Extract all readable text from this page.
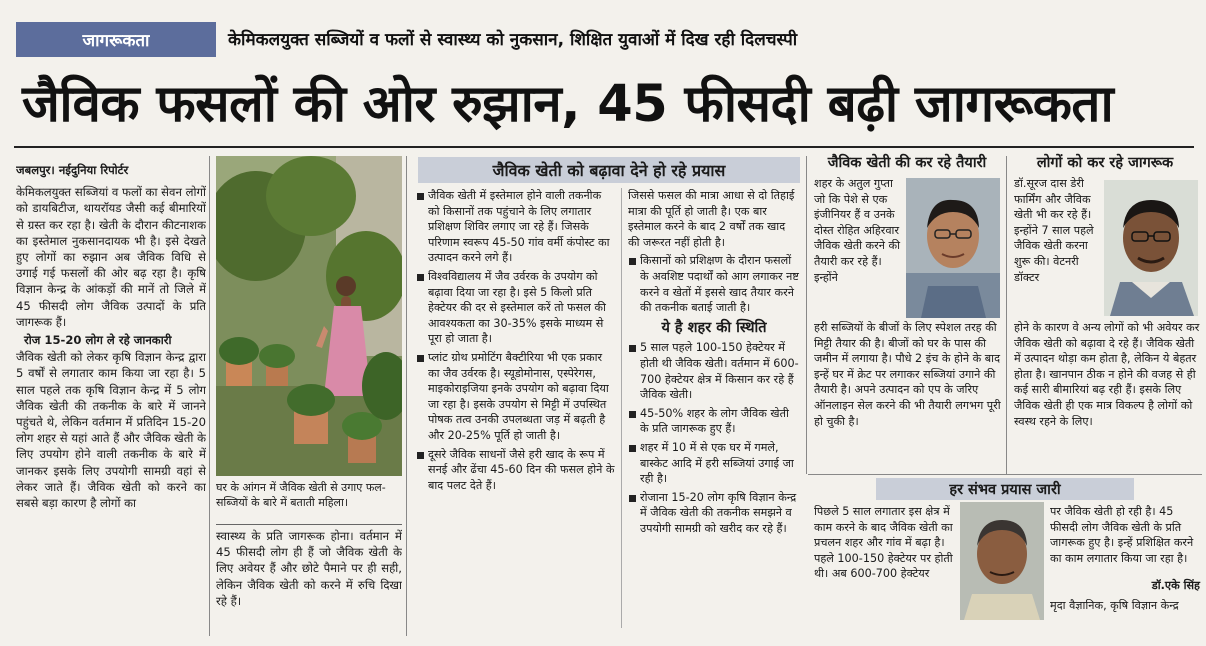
जागरूकता	केमिकलयुक्त सब्जियों व फलों से स्वास्थ्य को नुकसान, शिक्षित युवाओं में दिख रही दिलचस्पी
जैविक फसलों की ओर रुझान, 45 फीसदी बढ़ी जागरूकता

जबलपुर। नईदुनिया रिपोर्टर

केमिकलयुक्त सब्जियां व फलों का सेवन लोगों को डायबिटीज, थायरॉयड जैसी कई बीमारियों से ग्रस्त कर रहा है। खेती के दौरान कीटनाशक का इस्तेमाल नुकसानदायक भी है। इसे देखते हुए लोगों का रुझान अब जैविक विधि से उगाई गई फसलों की ओर बढ़ रहा है। कृषि विज्ञान केन्द्र के आंकड़ों की मानें तो जिले में 45 फीसदी लोग जैविक उत्पादों के प्रति जागरूक हैं।

रोज 15-20 लोग ले रहे जानकारी

जैविक खेती को लेकर कृषि विज्ञान केन्द्र द्वारा 5 वर्षों से लगातार काम किया जा रहा है। 5 साल पहले तक कृषि विज्ञान केन्द्र में 5 लोग जैविक खेती की तकनीक के बारे में जानने पहुंचते थे, लेकिन वर्तमान में प्रतिदिन 15-20 लोग शहर से यहां आते हैं और जैविक खेती के लिए उपयोग होने वाली तकनीक के बारे में जानकर इसके लिए उपयोगी सामग्री वहां से लेकर जाते हैं। जैविक खेती को करने का सबसे बड़ा कारण है लोगों का

घर के आंगन में जैविक खेती से उगाए फल-सब्जियों के बारे में बताती महिला।
स्वास्थ्य के प्रति जागरूक होना। वर्तमान में 45 फीसदी लोग ही हैं जो जैविक खेती के लिए अवेयर हैं और छोटे पैमाने पर ही सही, लेकिन जैविक खेती को करने में रुचि दिखा रहे हैं।
जैविक खेती को बढ़ावा देने हो रहे प्रयास
जैविक खेती में इस्तेमाल होने वाली तकनीक को किसानों तक पहुंचाने के लिए लगातार प्रशिक्षण शिविर लगाए जा रहे हैं। जिसके परिणाम स्वरूप 45-50 गांव वर्मी कंपोस्ट का उत्पादन करने लगे हैं।
विश्वविद्यालय में जैव उर्वरक के उपयोग को बढ़ावा दिया जा रहा है। इसे 5 किलो प्रति हेक्टेयर की दर से इस्तेमाल करें तो फसल की आवश्यकता का 30-35% इसके माध्यम से पूरा हो जाता है।
प्लांट ग्रोथ प्रमोटिंग बैक्टीरिया भी एक प्रकार का जैव उर्वरक है। स्यूडोमोनास, एस्पेरेगस, माइकोराइजिया इनके उपयोग को बढ़ावा दिया जा रहा है। इसके उपयोग से मिट्टी में उपस्थित पोषक तत्व उनकी उपलब्धता जड़ में बढ़ती है और 20-25% पूर्ति हो जाती है।
दूसरे जैविक साधनों जैसे हरी खाद के रूप में सनई और ढेंचा 45-60 दिन की फसल होने के बाद पलट देते हैं।

जिससे फसल की मात्रा आधा से दो तिहाई मात्रा की पूर्ति हो जाती है। एक बार इस्तेमाल करने के बाद 2 वर्षों तक खाद की जरूरत नहीं होती है।

किसानों को प्रशिक्षण के दौरान फसलों के अवशिष्ट पदार्थों को आग लगाकर नष्ट करने व खेतों में इससे खाद तैयार करने की तकनीक बताई जाती है।
ये है शहर की स्थिति
5 साल पहले 100-150 हेक्टेयर में होती थी जैविक खेती। वर्तमान में 600-700 हेक्टेयर क्षेत्र में किसान कर रहे हैं जैविक खेती।
45-50% शहर के लोग जैविक खेती के प्रति जागरूक हुए हैं।
शहर में 10 में से एक घर में गमले, बास्केट आदि में हरी सब्जियां उगाई जा रही है।
रोजाना 15-20 लोग कृषि विज्ञान केन्द्र में जैविक खेती की तकनीक समझने व उपयोगी सामग्री को खरीद कर रहे हैं।
जैविक खेती की कर रहे तैयारी
शहर के अतुल गुप्ता जो कि पेशे से एक इंजीनियर हैं व उनके दोस्त रोहित अहिरवार जैविक खेती करने की तैयारी कर रहे हैं। इन्होंने
हरी सब्जियों के बीजों के लिए स्पेशल तरह की मिट्टी तैयार की है। बीजों को घर के पास की जमीन में लगाया है। पौधे 2 इंच के होने के बाद इन्हें घर में क्रेट पर लगाकर सब्जियां उगाने की तैयारी है। अपने उत्पादन को एप के जरिए ऑनलाइन सेल करने की भी तैयारी लगभग पूरी हो चुकी है।
लोगों को कर रहे जागरूक
डॉ.सूरज दास डेरी फार्मिंग और जैविक खेती भी कर रहे हैं। इन्होंने 7 साल पहले जैविक खेती करना शुरू की। वेटनरी डॉक्टर
होने के कारण वे अन्य लोगों को भी अवेयर कर जैविक खेती को बढ़ावा दे रहे हैं। जैविक खेती में उत्पादन थोड़ा कम होता है, लेकिन ये बेहतर होता है। खानपान ठीक न होने की वजह से ही कई सारी बीमारियां बढ़ रही हैं। इसके लिए जैविक खेती ही एक मात्र विकल्प है लोगों को स्वस्थ रहने के लिए।
हर संभव प्रयास जारी
पिछले 5 साल लगातार इस क्षेत्र में काम करने के बाद जैविक खेती का प्रचलन शहर और गांव में बढ़ा है। पहले 100-150 हेक्टेयर पर होती थी। अब 600-700 हेक्टेयर
पर जैविक खेती हो रही है। 45 फीसदी लोग जैविक खेती के प्रति जागरूक हुए है। इन्हें प्रशिक्षित करने का काम लगातार किया जा रहा है।
डॉ.एके सिंह
मृदा वैज्ञानिक, कृषि विज्ञान केन्द्र
